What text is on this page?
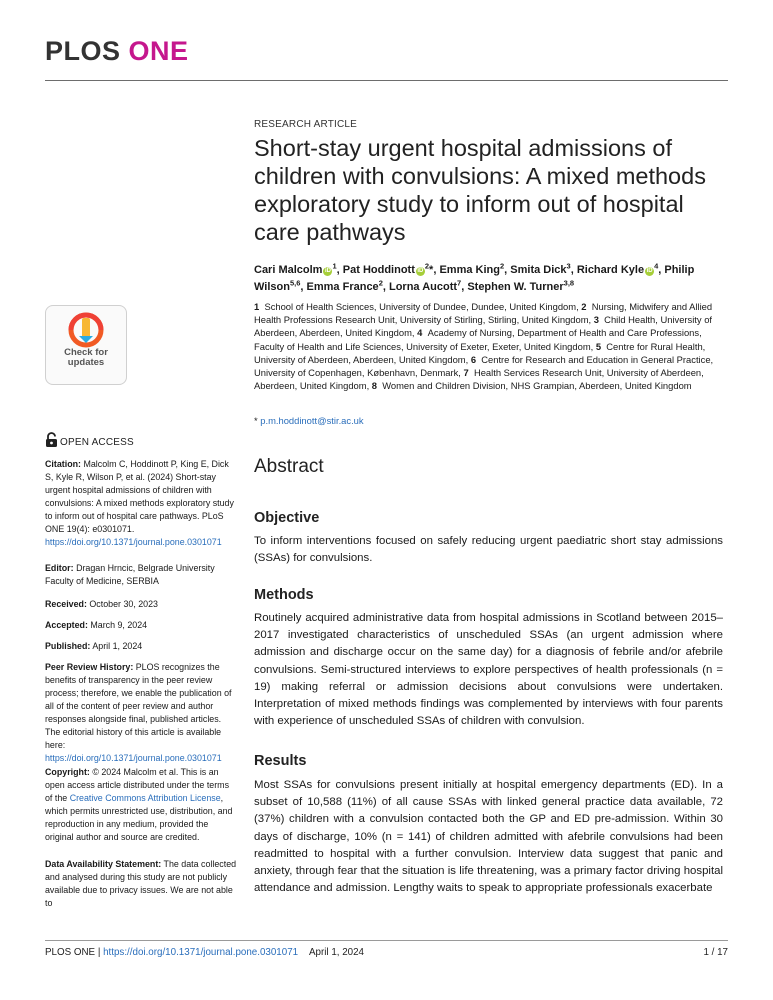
PLOS ONE
Check for updates
OPEN ACCESS
Citation: Malcolm C, Hoddinott P, King E, Dick S, Kyle R, Wilson P, et al. (2024) Short-stay urgent hospital admissions of children with convulsions: A mixed methods exploratory study to inform out of hospital care pathways. PLoS ONE 19(4): e0301071. https://doi.org/10.1371/journal.pone.0301071
Editor: Dragan Hrncic, Belgrade University Faculty of Medicine, SERBIA
Received: October 30, 2023
Accepted: March 9, 2024
Published: April 1, 2024
Peer Review History: PLOS recognizes the benefits of transparency in the peer review process; therefore, we enable the publication of all of the content of peer review and author responses alongside final, published articles. The editorial history of this article is available here: https://doi.org/10.1371/journal.pone.0301071
Copyright: © 2024 Malcolm et al. This is an open access article distributed under the terms of the Creative Commons Attribution License, which permits unrestricted use, distribution, and reproduction in any medium, provided the original author and source are credited.
Data Availability Statement: The data collected and analysed during this study are not publicly available due to privacy issues. We are not able to
RESEARCH ARTICLE
Short-stay urgent hospital admissions of children with convulsions: A mixed methods exploratory study to inform out of hospital care pathways
Cari Malcolm iD$^1$, Pat Hoddinott iD$^2$*, Emma King$^2$, Smita Dick$^3$, Richard Kyle iD$^4$, Philip Wilson$^{5,6}$, Emma France$^2$, Lorna Aucott$^7$, Stephen W. Turner$^{3,8}$
1 School of Health Sciences, University of Dundee, Dundee, United Kingdom, 2 Nursing, Midwifery and Allied Health Professions Research Unit, University of Stirling, Stirling, United Kingdom, 3 Child Health, University of Aberdeen, Aberdeen, United Kingdom, 4 Academy of Nursing, Department of Health and Care Professions, Faculty of Health and Life Sciences, University of Exeter, Exeter, United Kingdom, 5 Centre for Rural Health, University of Aberdeen, Aberdeen, United Kingdom, 6 Centre for Research and Education in General Practice, University of Copenhagen, København, Denmark, 7 Health Services Research Unit, University of Aberdeen, Aberdeen, United Kingdom, 8 Women and Children Division, NHS Grampian, Aberdeen, United Kingdom
* p.m.hoddinott@stir.ac.uk
Abstract
Objective
To inform interventions focused on safely reducing urgent paediatric short stay admissions (SSAs) for convulsions.
Methods
Routinely acquired administrative data from hospital admissions in Scotland between 2015–2017 investigated characteristics of unscheduled SSAs (an urgent admission where admission and discharge occur on the same day) for a diagnosis of febrile and/or afebrile convulsions. Semi-structured interviews to explore perspectives of health professionals (n = 19) making referral or admission decisions about convulsions were undertaken. Interpretation of mixed methods findings was complemented by interviews with four parents with experience of unscheduled SSAs of children with convulsion.
Results
Most SSAs for convulsions present initially at hospital emergency departments (ED). In a subset of 10,588 (11%) of all cause SSAs with linked general practice data available, 72 (37%) children with a convulsion contacted both the GP and ED pre-admission. Within 30 days of discharge, 10% (n = 141) of children admitted with afebrile convulsions had been readmitted to hospital with a further convulsion. Interview data suggest that panic and anxiety, through fear that the situation is life threatening, was a primary factor driving hospital attendance and admission. Lengthy waits to speak to appropriate professionals exacerbate
PLOS ONE | https://doi.org/10.1371/journal.pone.0301071 April 1, 2024	1 / 17
